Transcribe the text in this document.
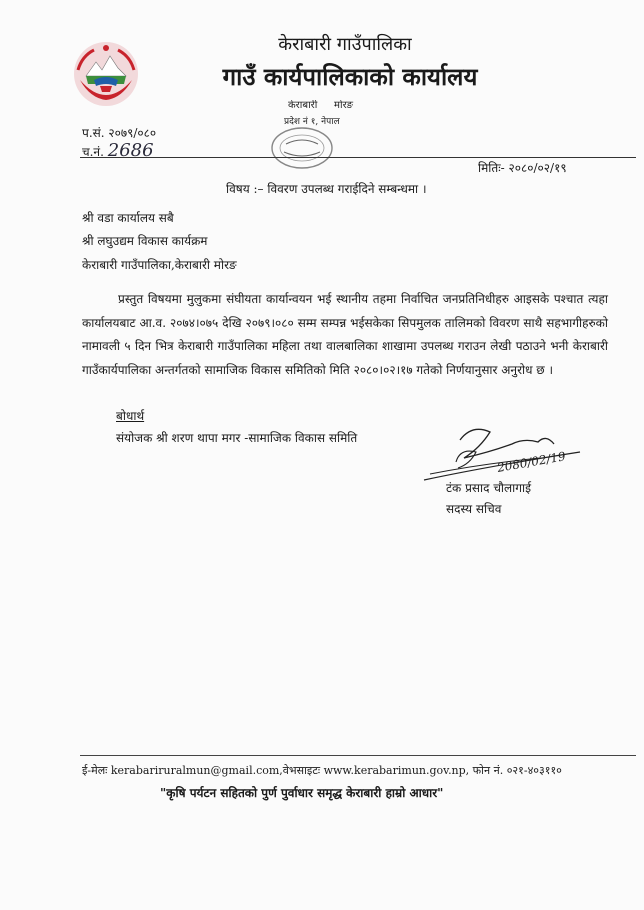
केराबारी गाउँपालिका
गाउँ कार्यपालिकाको कार्यालय
प.सं. २०७९/०८०
च.नं. 2686
केराबारी मोरङ
प्रदेश नं १, नेपाल
मितिः- २०८०/०२/१९
विषय :– विवरण उपलब्ध गराईदिने सम्बन्धमा ।
श्री वडा कार्यालय सबै
श्री लघुउद्यम विकास कार्यक्रम
केराबारी गाउँपालिका,केराबारी मोरङ
प्रस्तुत विषयमा मुलुकमा संघीयता कार्यान्वयन भई स्थानीय तहमा निर्वाचित जनप्रतिनिधीहरु आइसके पश्चात त्यहा कार्यालयबाट आ.व. २०७४।०७५ देखि २०७९।०८० सम्म सम्पन्न भईसकेका सिपमुलक तालिमको विवरण साथै सहभागीहरुको नामावली ५ दिन भित्र केराबारी गाउँपालिका महिला तथा वालबालिका शाखामा उपलब्ध गराउन लेखी पठाउने भनी केराबारी गाउँकार्यपालिका अन्तर्गतको सामाजिक विकास समितिको मिति २०८०।०२।१७ गतेको निर्णयानुसार अनुरोध छ ।
बोधार्थ
संयोजक श्री शरण थापा मगर -सामाजिक विकास समिति
2080/02/19
टंक प्रसाद चौलागाई
सदस्य सचिव
ई-मेलः kerabariruralmun@gmail.com,वेभसाइटः www.kerabarimun.gov.np, फोन नं. ०२१-४०३११०
"कृषि पर्यटन सहितको पुर्ण पुर्वाधार समृद्ध केराबारी हाम्रो आधार"
